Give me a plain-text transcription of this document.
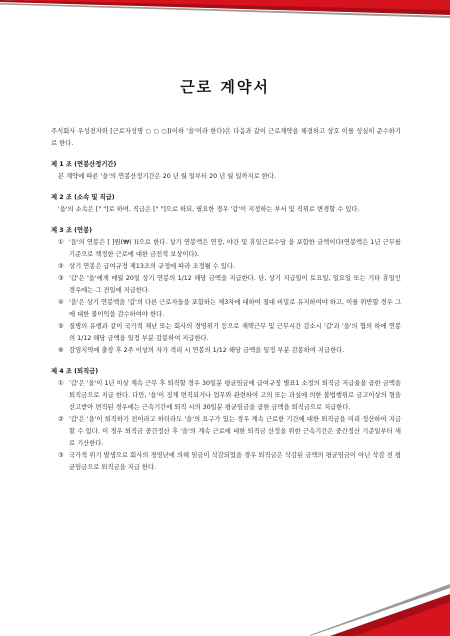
근로 계약서

주식회사 우성전자와 [근로자성명 ○ ○ ○](이하 '을'이라 한다)은 다음과 같이 근로계약을 체결하고 상호 이를 성실히 준수하기로 한다.

제 1 조 (연봉산정기간)

본 계약에 따른 '을'의 연봉산정기간은 20 년 월 일부터 20 년 월 일까지로 한다.

제 2 조 (소속 및 직급)

'을'의 소속은 [" "]로 하며, 직급은 [" "]으로 하되, 필요한 경우 '갑'이 지정하는 부서 및 직위로 변경할 수 있다.

제 3 조 (연봉)

① '을'의 연봉은 [ ]원(₩( ))으로 한다. 상기 연봉액은 연장, 야간 및 휴일근로수당 을 포함한 금액이다(연봉액은 1년 근무를 기준으로 책정한 근로에 대한 금전적 보상이다).
② 상기 연봉은 급여규정 제13조의 규정에 따라 조정될 수 있다.
③ '갑'은 '을'에게 매월 20일 상기 연봉의 1/12 해당 금액을 지급한다. 단, 상기 지급일이 토요일, 일요일 또는 기타 휴일인 경우에는 그 전일에 지급한다.
④ '을'은 상기 연봉액을 '갑'의 다른 근로자들을 포함하는 제3자에 대하여 절대 비밀로 유지하여야 하고, 이를 위반할 경우 그에 대한 불이익을 감수하여야 한다.
⑤ 질병의 유행과 같이 국가적 재난 또는 회사의 경영위기 등으로 재택근무 및 근무시간 감소시 '갑'과 '을'의 협의 하에 연봉의 1/12 해당 금액을 일정 부분 감봉하여 지급한다.
⑥ 감염지역에 출장 후 2주 이상의 자가 격리 시 연봉의 1/12 해당 금액을 일정 부분 감봉하여 지급한다.

제 4 조 (퇴직금)

① '갑'은 '을'이 1년 이상 계속 근무 후 퇴직할 경우 30일분 평균임금에 급여규정 별표1 소정의 퇴직금 지급율을 곱한 금액을 퇴직금으로 지급 한다. 다만, '을'이 징계 면직되거나 업무와 관련하여 고의 또는 과실에 의한 불법행위로 금고이상의 형을 선고받아 면직된 경우에는 근속기간에 퇴직 시의 30일분 평균임금을 곱한 금액을 퇴직금으로 지급한다.
② '갑'은 '을'이 퇴직하기 전이라고 하더라도 '을'의 요구가 있는 경우 계속 근로한 기간에 대한 퇴직금을 미리 정산하여 지급할 수 있다. 이 경우 퇴직금 중간정산 후 '을'의 계속 근로에 대한 퇴직금 산정을 위한 근속기간은 중간정산 기준일부터 새로 기산한다.
③ 국가적 위기 발생으로 회사의 경영난에 의해 임금이 삭감되었을 경우 퇴직금은 삭감된 금액의 평균임금이 아닌 삭감 전 평균임금으로 퇴직금을 지급 한다.
